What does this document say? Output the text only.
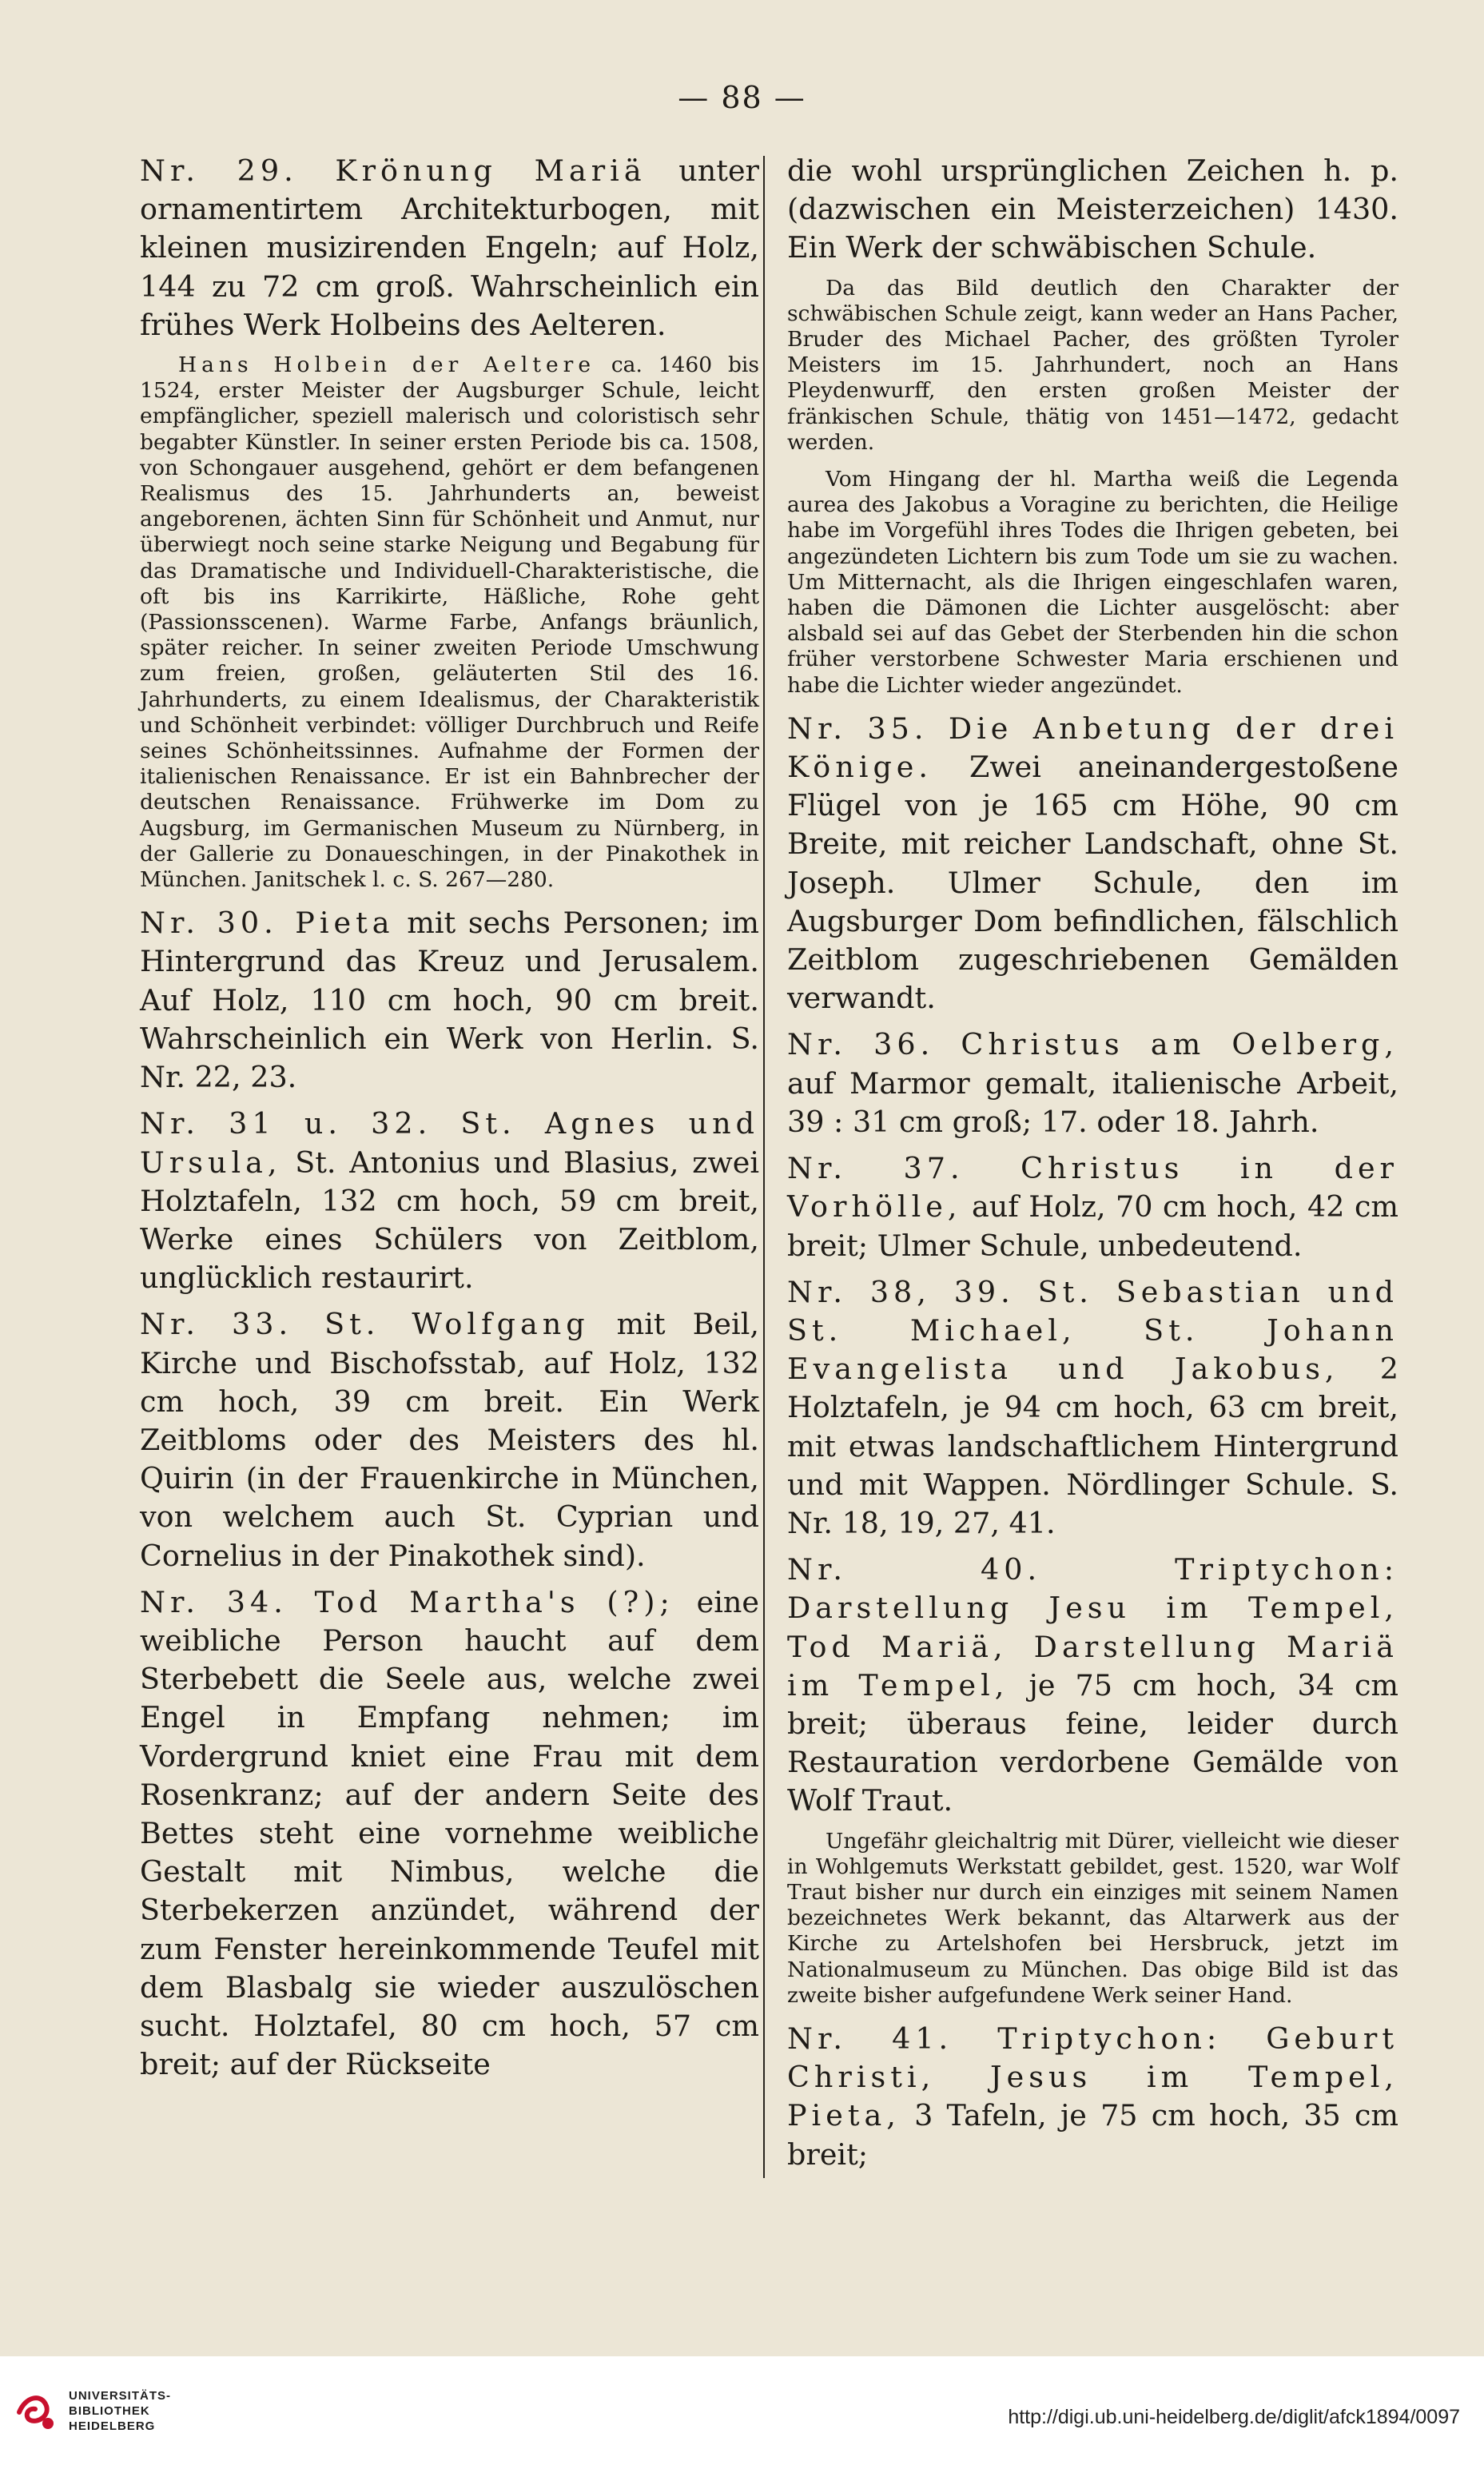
— 88 —

Nr. 29. Krönung Mariä unter ornamentirtem Architekturbogen, mit kleinen musizirenden Engeln; auf Holz, 144 zu 72 cm groß. Wahrscheinlich ein frühes Werk Holbeins des Aelteren.

Hans Holbein der Aeltere ca. 1460 bis 1524, erster Meister der Augsburger Schule, leicht empfänglicher, speziell malerisch und coloristisch sehr begabter Künstler. In seiner ersten Periode bis ca. 1508, von Schongauer ausgehend, gehört er dem befangenen Realismus des 15. Jahrhunderts an, beweist angeborenen, ächten Sinn für Schönheit und Anmut, nur überwiegt noch seine starke Neigung und Begabung für das Dramatische und Individuell-Charakteristische, die oft bis ins Karrikirte, Häßliche, Rohe geht (Passionsscenen). Warme Farbe, Anfangs bräunlich, später reicher. In seiner zweiten Periode Umschwung zum freien, großen, geläuterten Stil des 16. Jahrhunderts, zu einem Idealismus, der Charakteristik und Schönheit verbindet: völliger Durchbruch und Reife seines Schönheitssinnes. Aufnahme der Formen der italienischen Renaissance. Er ist ein Bahnbrecher der deutschen Renaissance. Frühwerke im Dom zu Augsburg, im Germanischen Museum zu Nürnberg, in der Gallerie zu Donaueschingen, in der Pinakothek in München. Janitschek l. c. S. 267—280.

Nr. 30. Pieta mit sechs Personen; im Hintergrund das Kreuz und Jerusalem. Auf Holz, 110 cm hoch, 90 cm breit. Wahrscheinlich ein Werk von Herlin. S. Nr. 22, 23.

Nr. 31 u. 32. St. Agnes und Ursula, St. Antonius und Blasius, zwei Holztafeln, 132 cm hoch, 59 cm breit, Werke eines Schülers von Zeitblom, unglücklich restaurirt.

Nr. 33. St. Wolfgang mit Beil, Kirche und Bischofsstab, auf Holz, 132 cm hoch, 39 cm breit. Ein Werk Zeitbloms oder des Meisters des hl. Quirin (in der Frauenkirche in München, von welchem auch St. Cyprian und Cornelius in der Pinakothek sind).

Nr. 34. Tod Martha's (?); eine weibliche Person haucht auf dem Sterbebett die Seele aus, welche zwei Engel in Empfang nehmen; im Vordergrund kniet eine Frau mit dem Rosenkranz; auf der andern Seite des Bettes steht eine vornehme weibliche Gestalt mit Nimbus, welche die Sterbekerzen anzündet, während der zum Fenster hereinkommende Teufel mit dem Blasbalg sie wieder auszulöschen sucht. Holztafel, 80 cm hoch, 57 cm breit; auf der Rückseite

die wohl ursprünglichen Zeichen h. p. (dazwischen ein Meisterzeichen) 1430. Ein Werk der schwäbischen Schule.

Da das Bild deutlich den Charakter der schwäbischen Schule zeigt, kann weder an Hans Pacher, Bruder des Michael Pacher, des größten Tyroler Meisters im 15. Jahrhundert, noch an Hans Pleydenwurff, den ersten großen Meister der fränkischen Schule, thätig von 1451—1472, gedacht werden.

Vom Hingang der hl. Martha weiß die Legenda aurea des Jakobus a Voragine zu berichten, die Heilige habe im Vorgefühl ihres Todes die Ihrigen gebeten, bei angezündeten Lichtern bis zum Tode um sie zu wachen. Um Mitternacht, als die Ihrigen eingeschlafen waren, haben die Dämonen die Lichter ausgelöscht: aber alsbald sei auf das Gebet der Sterbenden hin die schon früher verstorbene Schwester Maria erschienen und habe die Lichter wieder angezündet.

Nr. 35. Die Anbetung der drei Könige. Zwei aneinandergestoßene Flügel von je 165 cm Höhe, 90 cm Breite, mit reicher Landschaft, ohne St. Joseph. Ulmer Schule, den im Augsburger Dom befindlichen, fälschlich Zeitblom zugeschriebenen Gemälden verwandt.

Nr. 36. Christus am Oelberg, auf Marmor gemalt, italienische Arbeit, 39 : 31 cm groß; 17. oder 18. Jahrh.

Nr. 37. Christus in der Vorhölle, auf Holz, 70 cm hoch, 42 cm breit; Ulmer Schule, unbedeutend.

Nr. 38, 39. St. Sebastian und St. Michael, St. Johann Evangelista und Jakobus, 2 Holztafeln, je 94 cm hoch, 63 cm breit, mit etwas landschaftlichem Hintergrund und mit Wappen. Nördlinger Schule. S. Nr. 18, 19, 27, 41.

Nr. 40. Triptychon: Darstellung Jesu im Tempel, Tod Mariä, Darstellung Mariä im Tempel, je 75 cm hoch, 34 cm breit; überaus feine, leider durch Restauration verdorbene Gemälde von Wolf Traut.

Ungefähr gleichaltrig mit Dürer, vielleicht wie dieser in Wohlgemuts Werkstatt gebildet, gest. 1520, war Wolf Traut bisher nur durch ein einziges mit seinem Namen bezeichnetes Werk bekannt, das Altarwerk aus der Kirche zu Artelshofen bei Hersbruck, jetzt im Nationalmuseum zu München. Das obige Bild ist das zweite bisher aufgefundene Werk seiner Hand.

Nr. 41. Triptychon: Geburt Christi, Jesus im Tempel, Pieta, 3 Tafeln, je 75 cm hoch, 35 cm breit;

UNIVERSITÄTS-
BIBLIOTHEK
HEIDELBERG	http://digi.ub.uni-heidelberg.de/diglit/afck1894/0097
